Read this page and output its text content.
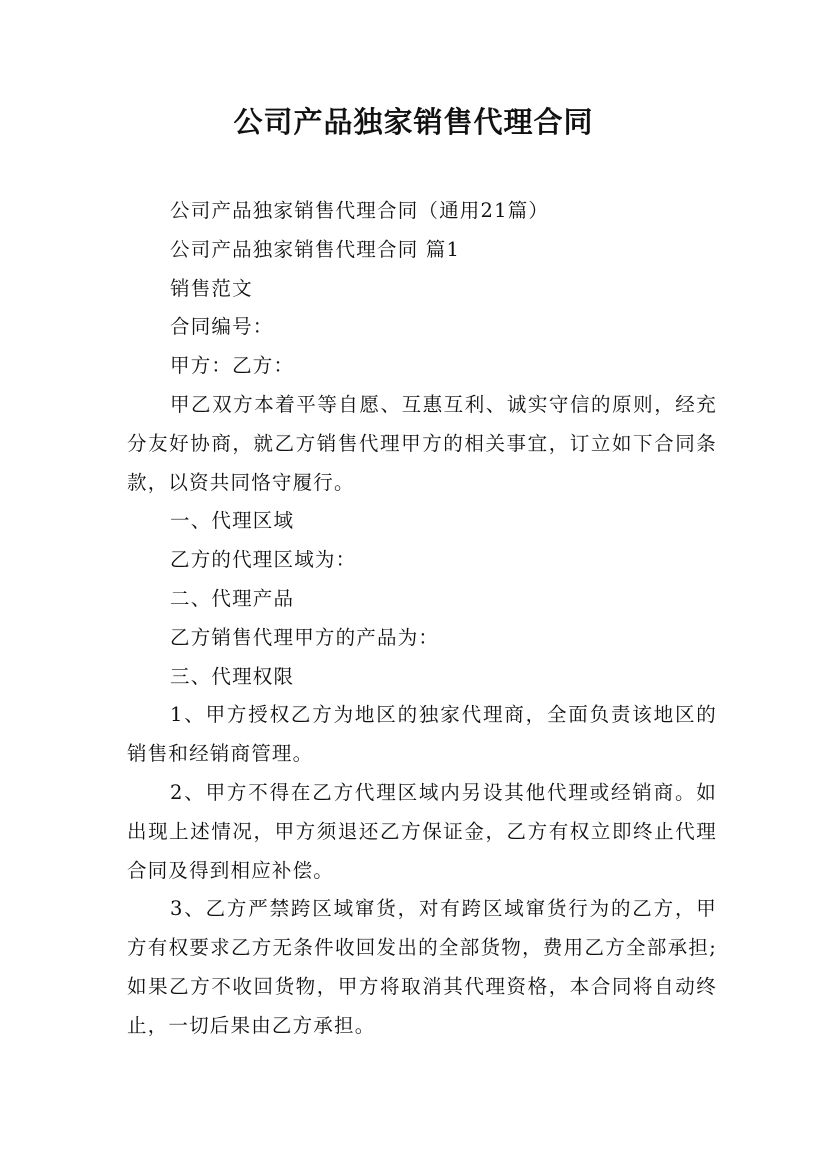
公司产品独家销售代理合同

公司产品独家销售代理合同（通用21篇）

公司产品独家销售代理合同 篇1

销售范文

合同编号：

甲方：乙方：

甲乙双方本着平等自愿、互惠互利、诚实守信的原则，经充分友好协商，就乙方销售代理甲方的相关事宜，订立如下合同条款，以资共同恪守履行。

一、代理区域

乙方的代理区域为：

二、代理产品

乙方销售代理甲方的产品为：

三、代理权限

1、甲方授权乙方为地区的独家代理商，全面负责该地区的销售和经销商管理。

2、甲方不得在乙方代理区域内另设其他代理或经销商。如出现上述情况，甲方须退还乙方保证金，乙方有权立即终止代理合同及得到相应补偿。

3、乙方严禁跨区域窜货，对有跨区域窜货行为的乙方，甲方有权要求乙方无条件收回发出的全部货物，费用乙方全部承担;如果乙方不收回货物，甲方将取消其代理资格，本合同将自动终止，一切后果由乙方承担。
